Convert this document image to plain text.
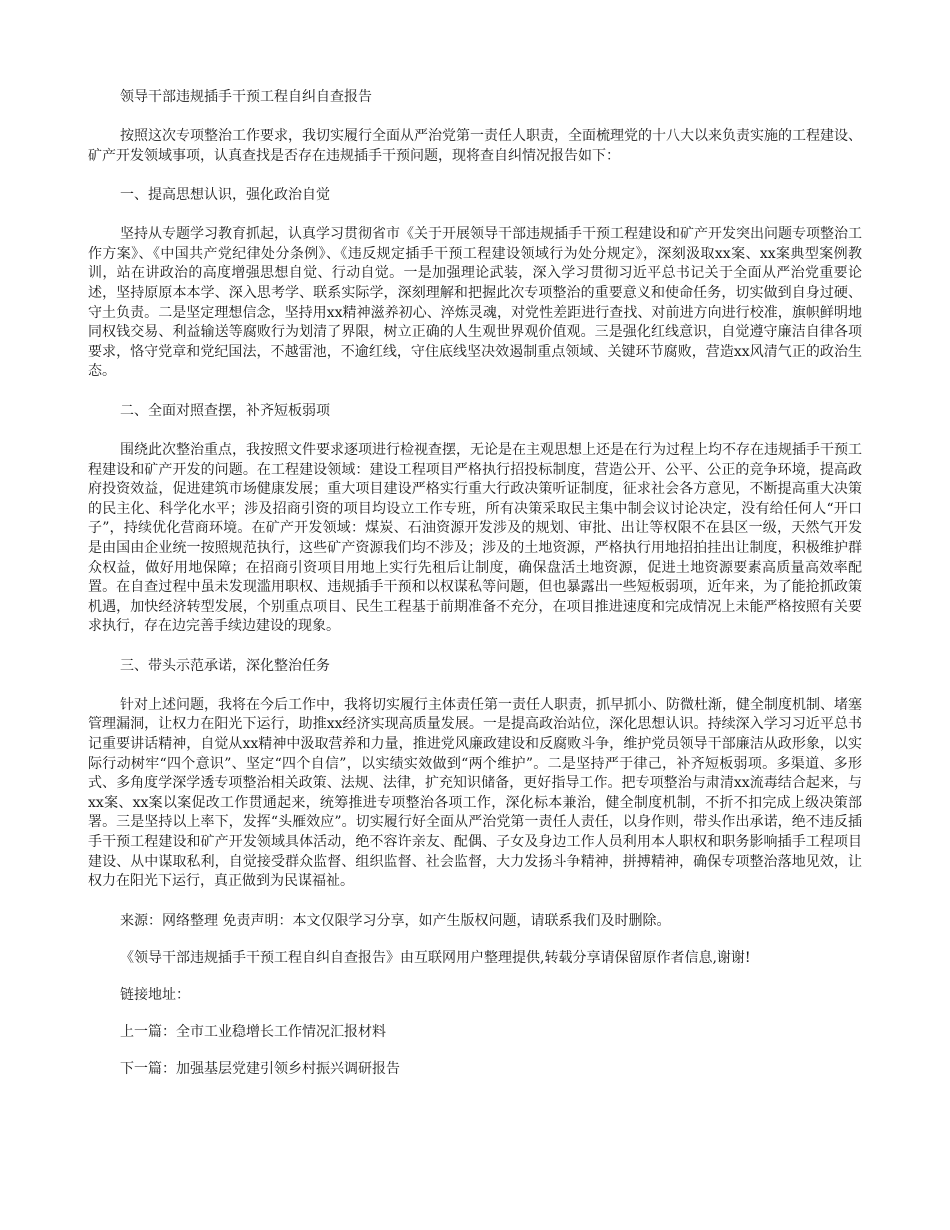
领导干部违规插手干预工程自纠自查报告

按照这次专项整治工作要求，我切实履行全面从严治党第一责任人职责，全面梳理党的十八大以来负责实施的工程建设、矿产开发领域事项，认真查找是否存在违规插手干预问题，现将查自纠情况报告如下：

一、提高思想认识，强化政治自觉

坚持从专题学习教育抓起，认真学习贯彻省市《关于开展领导干部违规插手干预工程建设和矿产开发突出问题专项整治工作方案》、《中国共产党纪律处分条例》、《违反规定插手干预工程建设领域行为处分规定》，深刻汲取xx案、xx案典型案例教训，站在讲政治的高度增强思想自觉、行动自觉。一是加强理论武装，深入学习贯彻习近平总书记关于全面从严治党重要论述，坚持原原本本学、深入思考学、联系实际学，深刻理解和把握此次专项整治的重要意义和使命任务，切实做到自身过硬、守土负责。二是坚定理想信念，坚持用xx精神滋养初心、淬炼灵魂，对党性差距进行查找、对前进方向进行校准，旗帜鲜明地同权钱交易、利益输送等腐败行为划清了界限，树立正确的人生观世界观价值观。三是强化红线意识，自觉遵守廉洁自律各项要求，恪守党章和党纪国法，不越雷池，不逾红线，守住底线坚决效遏制重点领域、关键环节腐败，营造xx风清气正的政治生态。

二、全面对照查摆，补齐短板弱项

围绕此次整治重点，我按照文件要求逐项进行检视查摆，无论是在主观思想上还是在行为过程上均不存在违规插手干预工程建设和矿产开发的问题。在工程建设领域：建设工程项目严格执行招投标制度，营造公开、公平、公正的竞争环境，提高政府投资效益，促进建筑市场健康发展；重大项目建设严格实行重大行政决策听证制度，征求社会各方意见，不断提高重大决策的民主化、科学化水平；涉及招商引资的项目均设立工作专班，所有决策采取民主集中制会议讨论决定，没有给任何人“开口子”，持续优化营商环境。在矿产开发领域：煤炭、石油资源开发涉及的规划、审批、出让等权限不在县区一级，天然气开发是由国由企业统一按照规范执行，这些矿产资源我们均不涉及；涉及的土地资源，严格执行用地招拍挂出让制度，积极维护群众权益，做好用地保障；在招商引资项目用地上实行先租后让制度，确保盘活土地资源，促进土地资源要素高质量高效率配置。在自查过程中虽未发现滥用职权、违规插手干预和以权谋私等问题，但也暴露出一些短板弱项，近年来，为了能抢抓政策机遇，加快经济转型发展，个别重点项目、民生工程基于前期准备不充分，在项目推进速度和完成情况上未能严格按照有关要求执行，存在边完善手续边建设的现象。

三、带头示范承诺，深化整治任务

针对上述问题，我将在今后工作中，我将切实履行主体责任第一责任人职责，抓早抓小、防微杜渐，健全制度机制、堵塞管理漏洞，让权力在阳光下运行，助推xx经济实现高质量发展。一是提高政治站位，深化思想认识。持续深入学习习近平总书记重要讲话精神，自觉从xx精神中汲取营养和力量，推进党风廉政建设和反腐败斗争，维护党员领导干部廉洁从政形象，以实际行动树牢“四个意识”、坚定“四个自信”，以实绩实效做到“两个维护”。二是坚持严于律己，补齐短板弱项。多渠道、多形式、多角度学深学透专项整治相关政策、法规、法律，扩充知识储备，更好指导工作。把专项整治与肃清xx流毒结合起来，与xx案、xx案以案促改工作贯通起来，统筹推进专项整治各项工作，深化标本兼治，健全制度机制，不折不扣完成上级决策部署。三是坚持以上率下，发挥“头雁效应”。切实履行好全面从严治党第一责任人责任，以身作则，带头作出承诺，绝不违反插手干预工程建设和矿产开发领域具体活动，绝不容许亲友、配偶、子女及身边工作人员利用本人职权和职务影响插手工程项目建设、从中谋取私利，自觉接受群众监督、组织监督、社会监督，大力发扬斗争精神，拼搏精神，确保专项整治落地见效，让权力在阳光下运行，真正做到为民谋福祉。

来源：网络整理 免责声明：本文仅限学习分享，如产生版权问题，请联系我们及时删除。

《领导干部违规插手干预工程自纠自查报告》由互联网用户整理提供,转载分享请保留原作者信息,谢谢!

链接地址：

上一篇：全市工业稳增长工作情况汇报材料

下一篇：加强基层党建引领乡村振兴调研报告
